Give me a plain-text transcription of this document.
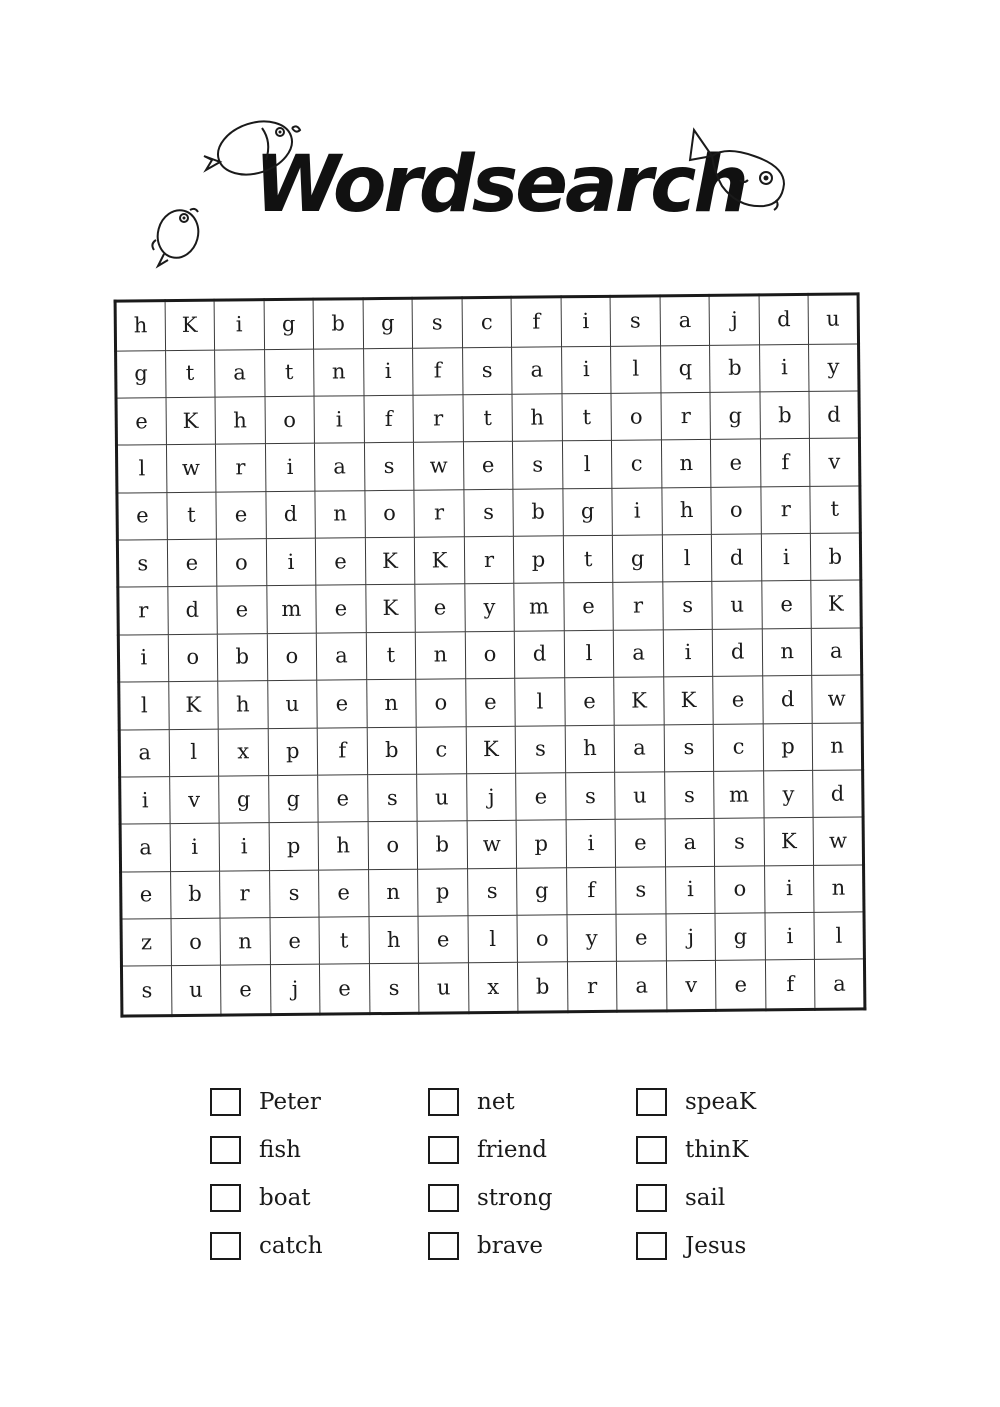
Wordsearch
h	K	i	g	b	g	s	c	f	i	s	a	j	d	u
g	t	a	t	n	i	f	s	a	i	l	q	b	i	y
e	K	h	o	i	f	r	t	h	t	o	r	g	b	d
l	w	r	i	a	s	w	e	s	l	c	n	e	f	v
e	t	e	d	n	o	r	s	b	g	i	h	o	r	t
s	e	o	i	e	K	K	r	p	t	g	l	d	i	b
r	d	e	m	e	K	e	y	m	e	r	s	u	e	K
i	o	b	o	a	t	n	o	d	l	a	i	d	n	a
l	K	h	u	e	n	o	e	l	e	K	K	e	d	w
a	l	x	p	f	b	c	K	s	h	a	s	c	p	n
i	v	g	g	e	s	u	j	e	s	u	s	m	y	d
a	i	i	p	h	o	b	w	p	i	e	a	s	K	w
e	b	r	s	e	n	p	s	g	f	s	i	o	i	n
z	o	n	e	t	h	e	l	o	y	e	j	g	i	l
s	u	e	j	e	s	u	x	b	r	a	v	e	f	a
Peter	net	speaK
fish	friend	thinK
boat	strong	sail
catch	brave	Jesus
